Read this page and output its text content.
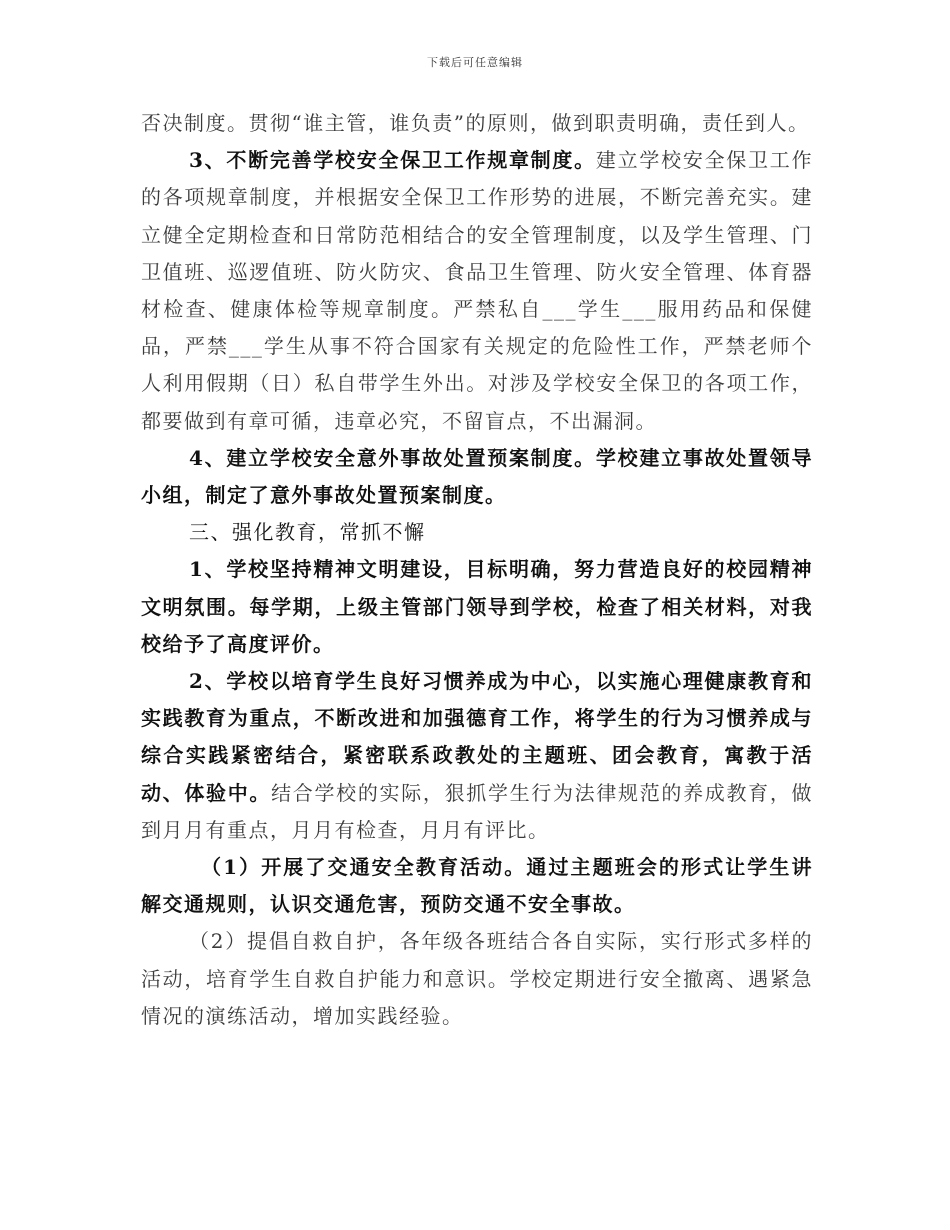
下载后可任意编辑

否决制度。贯彻“谁主管，谁负责”的原则，做到职责明确，责任到人。

3、不断完善学校安全保卫工作规章制度。建立学校安全保卫工作的各项规章制度，并根据安全保卫工作形势的进展，不断完善充实。建立健全定期检查和日常防范相结合的安全管理制度，以及学生管理、门卫值班、巡逻值班、防火防灾、食品卫生管理、防火安全管理、体育器材检查、健康体检等规章制度。严禁私自___学生___服用药品和保健品，严禁___学生从事不符合国家有关规定的危险性工作，严禁老师个人利用假期（日）私自带学生外出。对涉及学校安全保卫的各项工作，都要做到有章可循，违章必究，不留盲点，不出漏洞。

4、建立学校安全意外事故处置预案制度。学校建立事故处置领导小组，制定了意外事故处置预案制度。

三、强化教育，常抓不懈

1、学校坚持精神文明建设，目标明确，努力营造良好的校园精神文明氛围。每学期，上级主管部门领导到学校，检查了相关材料，对我校给予了高度评价。

2、学校以培育学生良好习惯养成为中心，以实施心理健康教育和实践教育为重点，不断改进和加强德育工作，将学生的行为习惯养成与综合实践紧密结合，紧密联系政教处的主题班、团会教育，寓教于活动、体验中。结合学校的实际，狠抓学生行为法律规范的养成教育，做到月月有重点，月月有检查，月月有评比。

（1）开展了交通安全教育活动。通过主题班会的形式让学生讲解交通规则，认识交通危害，预防交通不安全事故。

（2）提倡自救自护，各年级各班结合各自实际，实行形式多样的活动，培育学生自救自护能力和意识。学校定期进行安全撤离、遇紧急情况的演练活动，增加实践经验。
